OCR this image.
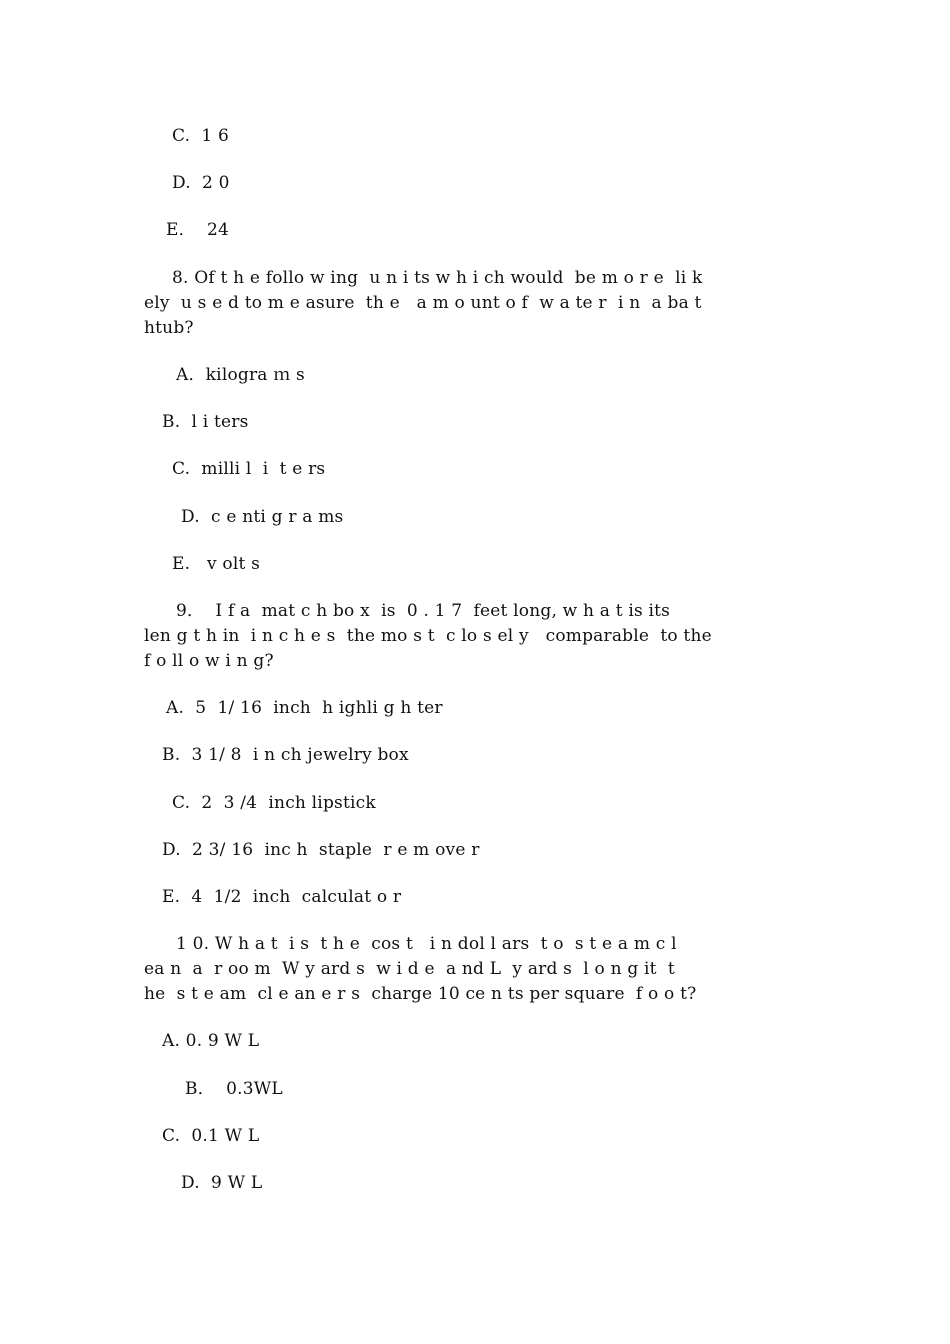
C.  1 6

D.  2 0

E．  24

8. Of t h e follo w ing  u n i ts w h i ch would  be m o r e  li k

ely  u s e d to m e asure  th e   a m o unt o f  w a te r  i n  a ba t

htub?

A．kilogra ｍ s

B.  l i ters

C.  milli l  i  t e rs

D.  c e nti g r a ms

E.   v olt s

9．  I f a  mat c h bo x  is  0 . 1 7  feet long, w h a t is its

len g t h in  i n c h e s  the mo s t  c lo s el y   comparable  to the

f o ll o w i n g?

A.  5  1/ 16  inch  h ighli g h ter

B.  3 1/ 8  i n ch jewelry box

C.  2  3 /4  inch lipstick

D.  2 3/ 16  inc h  staple  r e m ove r

E.  4  1/2  inch  calculat o r

1 0. W h a t  i s  t h e  cos t   i n dol l ars  t o  s t e a m c l

ea n  a  r oo m  W y ard s  w i d e  a nd L  y ard s  l o n g it  t

he  s t e am  cl e an e r s  charge 10 ce n ts per square  f o o t?

A. 0. 9 W L

B．  0.3WL

C.  0.1 W L

D.  9 W L
